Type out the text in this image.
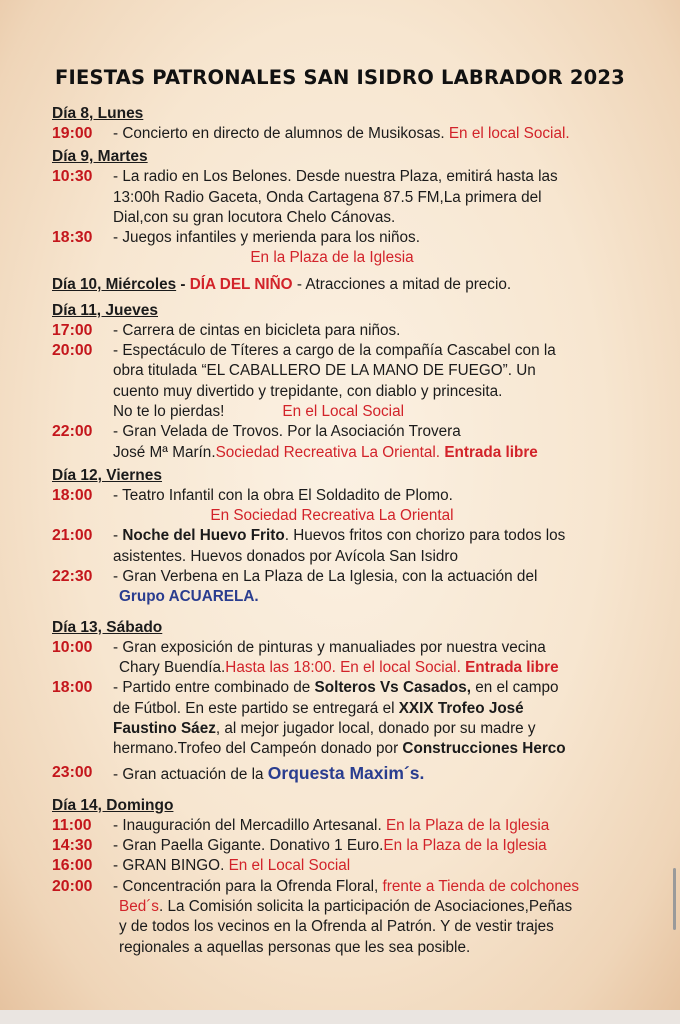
FIESTAS PATRONALES SAN ISIDRO LABRADOR 2023
Día 8, Lunes
19:00 - Concierto en directo de alumnos de Musikosas. En el local Social.
Día 9, Martes
10:30 - La radio en Los Belones. Desde nuestra Plaza, emitirá hasta las
13:00h Radio Gaceta, Onda Cartagena 87.5 FM,La primera del
Dial,con su gran locutora Chelo Cánovas.
18:30 - Juegos infantiles y merienda para los niños.
En la Plaza de la Iglesia
Día 10, Miércoles - DÍA DEL NIÑO - Atracciones a mitad de precio.
Día 11, Jueves
17:00 - Carrera de cintas en bicicleta para niños.
20:00 - Espectáculo de Títeres a cargo de la compañía Cascabel con la
obra titulada “EL CABALLERO DE LA MANO DE FUEGO”. Un
cuento muy divertido y trepidante, con diablo y princesita.
No te lo pierdas!	En el Local Social
22:00 - Gran Velada de Trovos. Por la Asociación Trovera
José Mª Marín.Sociedad Recreativa La Oriental. Entrada libre
Día 12, Viernes
18:00 - Teatro Infantil con la obra El Soldadito de Plomo.
En Sociedad Recreativa La Oriental
21:00 - Noche del Huevo Frito. Huevos fritos con chorizo para todos los
asistentes. Huevos donados por Avícola San Isidro
22:30 - Gran Verbena en La Plaza de La Iglesia, con la actuación del
Grupo ACUARELA.
Día 13, Sábado
10:00 - Gran exposición de pinturas y manualiades por nuestra vecina
Chary Buendía.Hasta las 18:00. En el local Social. Entrada libre
18:00 - Partido entre combinado de Solteros Vs Casados, en el campo
de Fútbol. En este partido se entregará el XXIX Trofeo José
Faustino Sáez, al mejor jugador local, donado por su madre y
hermano.Trofeo del Campeón donado por Construcciones Herco
23:00 - Gran actuación de la Orquesta Maxim´s.
Día 14, Domingo
11:00 - Inauguración del Mercadillo Artesanal. En la Plaza de la Iglesia
14:30 - Gran Paella Gigante. Donativo 1 Euro.En la Plaza de la Iglesia
16:00 - GRAN BINGO. En el Local Social
20:00 - Concentración para la Ofrenda Floral, frente a Tienda de colchones
Bed´s. La Comisión solicita la participación de Asociaciones,Peñas
y de todos los vecinos en la Ofrenda al Patrón. Y de vestir trajes
regionales a aquellas personas que les sea posible.
